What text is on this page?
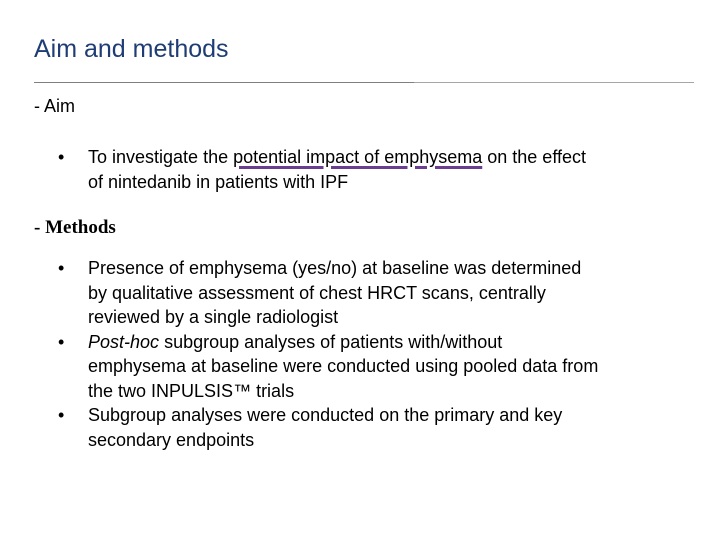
Aim and methods
- Aim
• To investigate the potential impact of emphysema on the effect
of nintedanib in patients with IPF
- Methods
• Presence of emphysema (yes/no) at baseline was determined
by qualitative assessment of chest HRCT scans, centrally
reviewed by a single radiologist
• Post-hoc subgroup analyses of patients with/without
emphysema at baseline were conducted using pooled data from
the two INPULSIS™ trials
• Subgroup analyses were conducted on the primary and key
secondary endpoints
